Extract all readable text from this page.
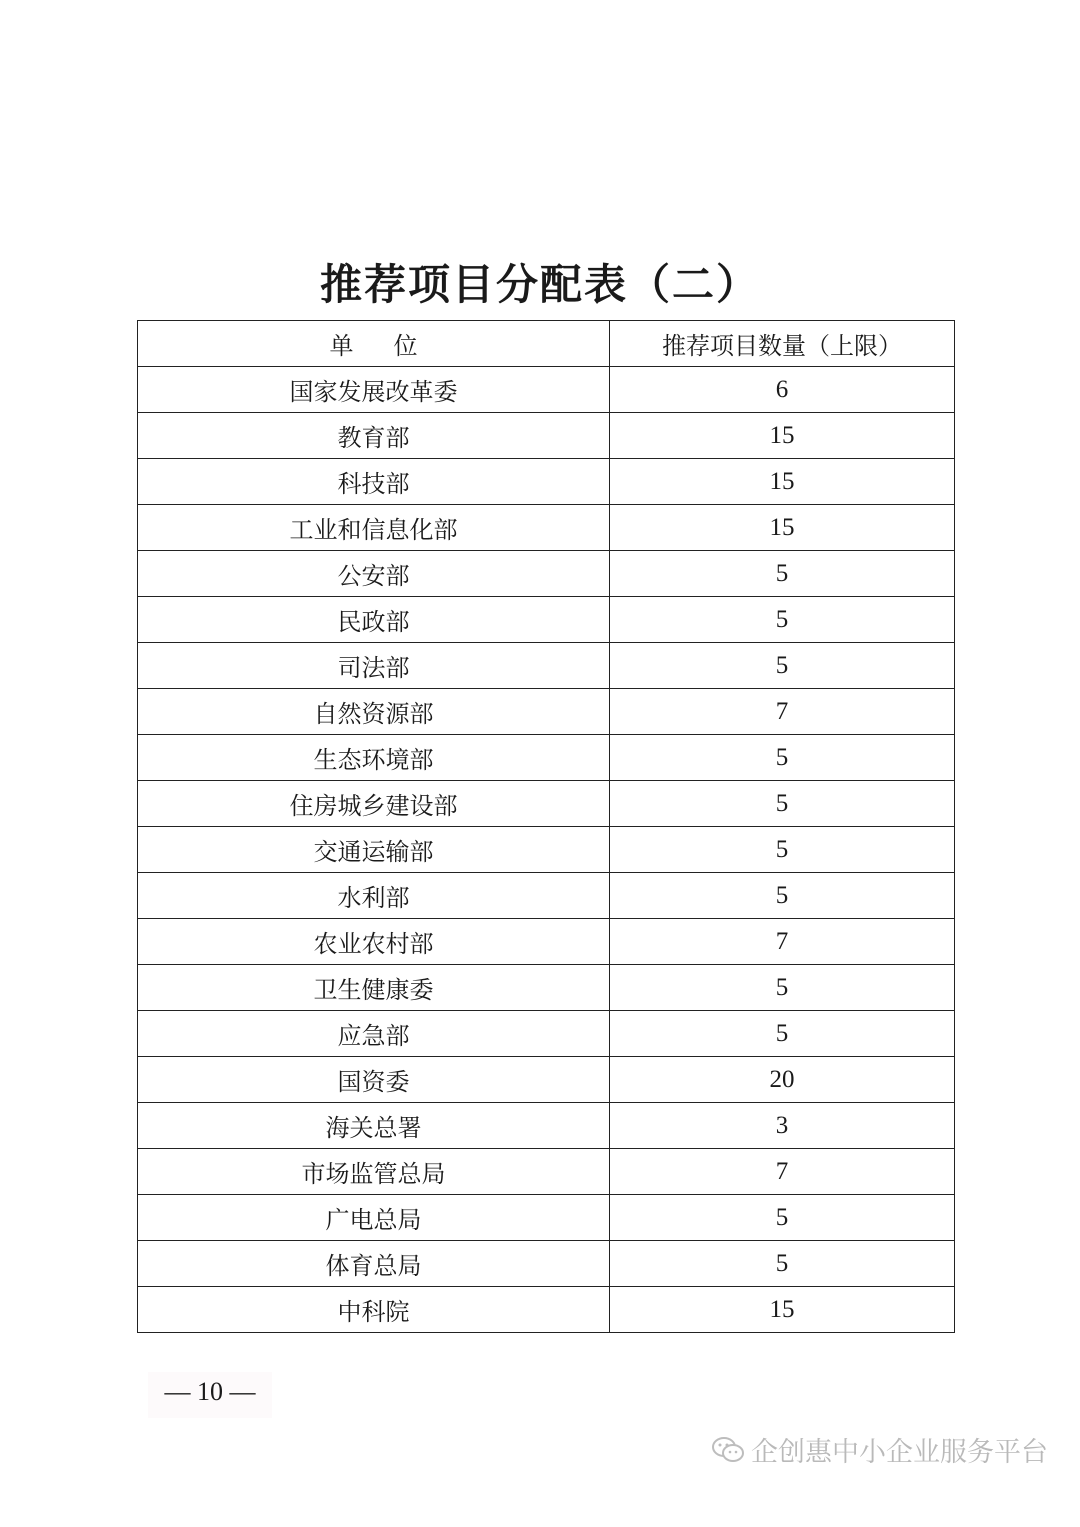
推荐项目分配表（二）
单位	推荐项目数量（上限）
国家发展改革委	6
教育部	15
科技部	15
工业和信息化部	15
公安部	5
民政部	5
司法部	5
自然资源部	7
生态环境部	5
住房城乡建设部	5
交通运输部	5
水利部	5
农业农村部	7
卫生健康委	5
应急部	5
国资委	20
海关总署	3
市场监管总局	7
广电总局	5
体育总局	5
中科院	15
— 10 —
企创惠中小企业服务平台
